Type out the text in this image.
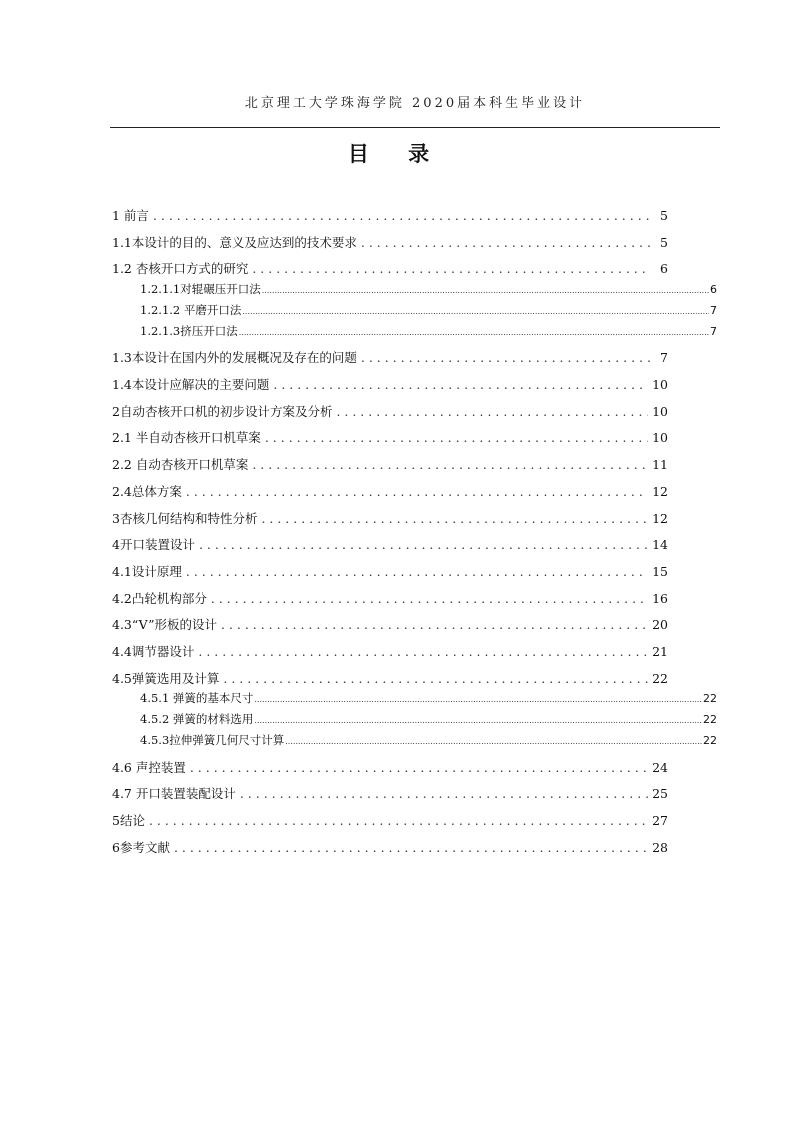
北京理工大学珠海学院 2020届本科生毕业设计
目 录
1 前言 . . .	5
1.1本设计的目的、意义及应达到的技术要求 . . .	5
1.2 杏核开口方式的研究 . . .	6
1.2.1.1对辊碾压开口法 .....	6
1.2.1.2 平磨开口法 .....	7
1.2.1.3挤压开口法 .....	7
1.3本设计在国内外的发展概况及存在的问题 . . .	7
1.4本设计应解决的主要问题 . . .	10
2自动杏核开口机的初步设计方案及分析 . . .	10
2.1 半自动杏核开口机草案 . . .	10
2.2 自动杏核开口机草案 . . .	11
2.4总体方案 . . .	12
3杏核几何结构和特性分析 . . .	12
4开口装置设计 . . .	14
4.1设计原理 . . .	15
4.2凸轮机构部分 . . .	16
4.3“V”形板的设计 . . .	20
4.4调节器设计 . . .	21
4.5弹簧选用及计算 . . .	22
4.5.1 弹簧的基本尺寸 .....	22
4.5.2 弹簧的材料选用 .....	22
4.5.3拉伸弹簧几何尺寸计算 .....	22
4.6 声控装置 . . .	24
4.7 开口装置装配设计 . . .	25
5结论 . . .	27
6参考文献 . . .	28
